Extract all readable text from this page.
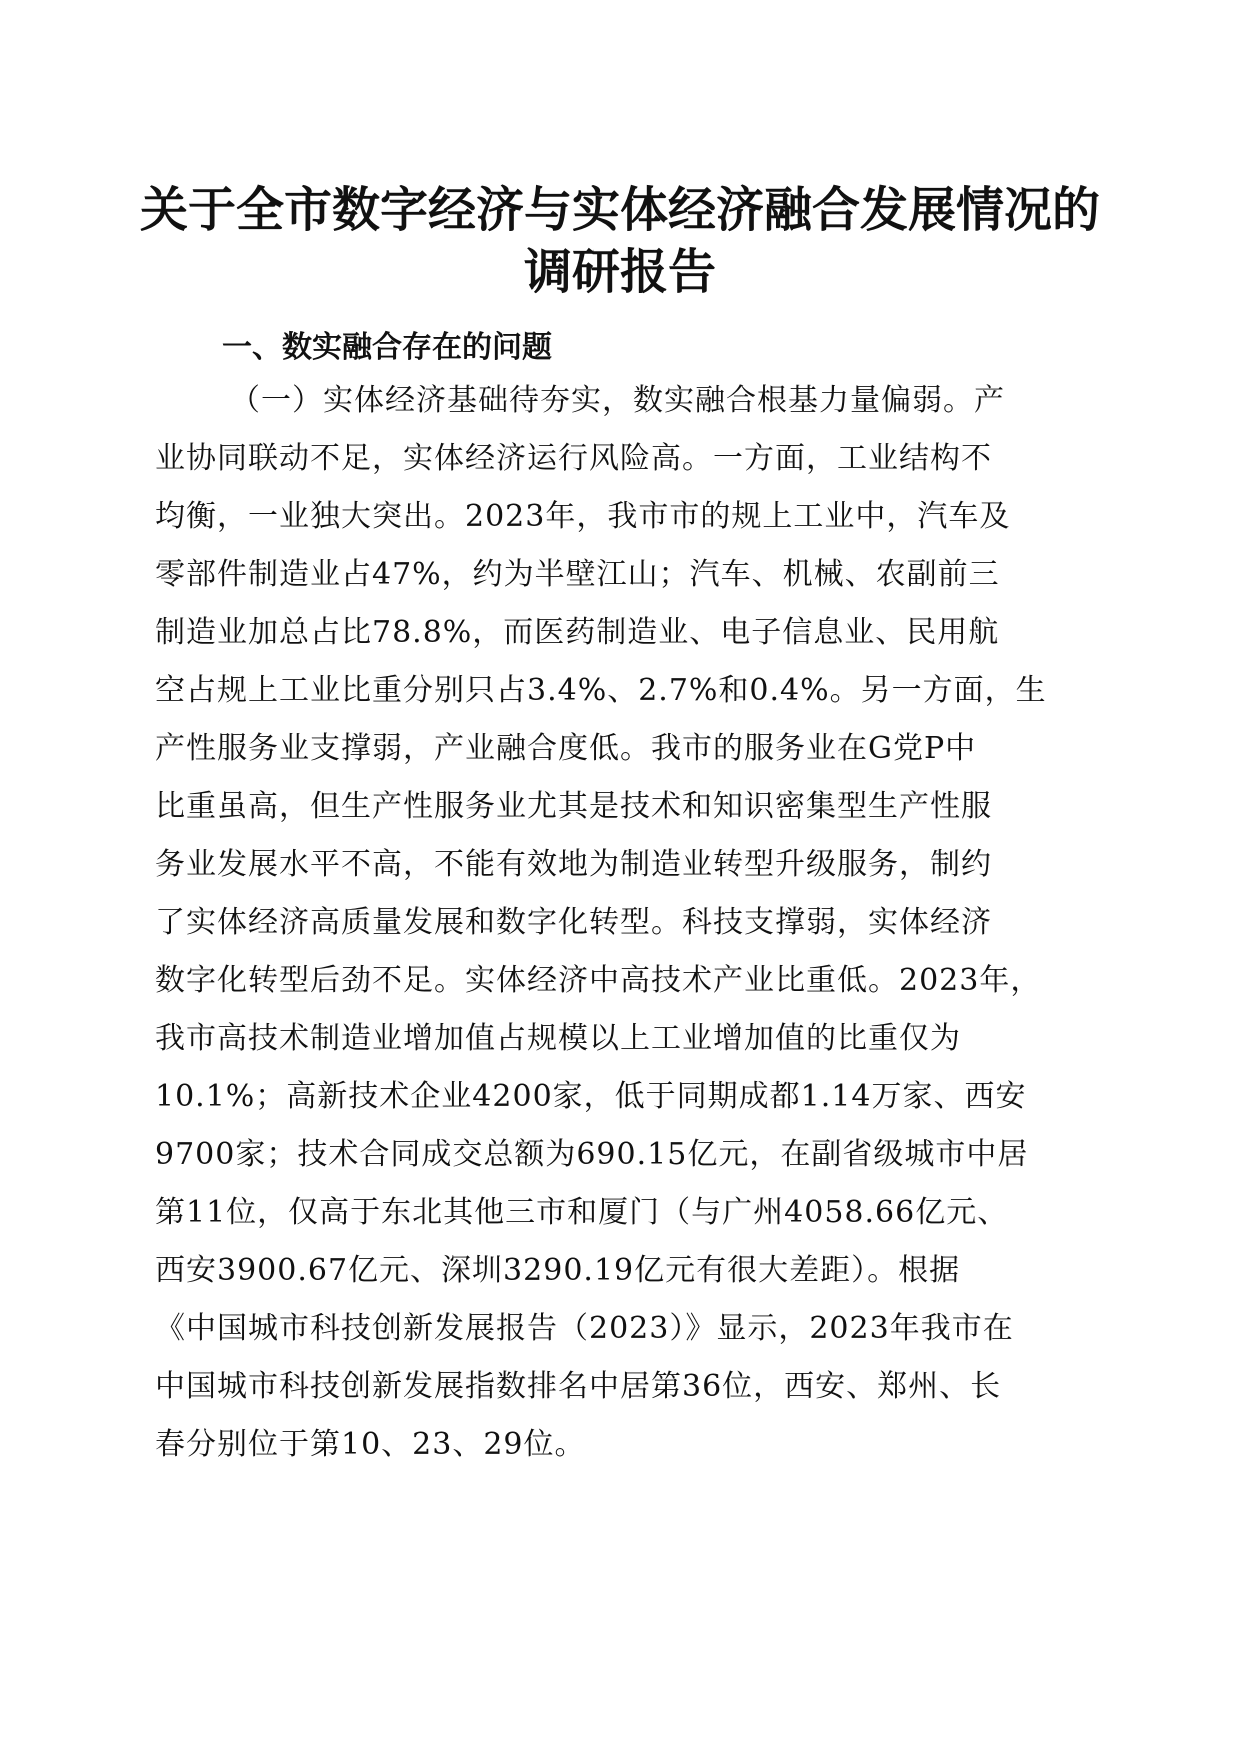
关于全市数字经济与实体经济融合发展情况的
调研报告
一、数实融合存在的问题

（一）实体经济基础待夯实，数实融合根基力量偏弱。产

业协同联动不足，实体经济运行风险高。一方面，工业结构不

均衡，一业独大突出。2023年，我市市的规上工业中，汽车及

零部件制造业占47%，约为半壁江山；汽车、机械、农副前三

制造业加总占比78.8%，而医药制造业、电子信息业、民用航

空占规上工业比重分别只占3.4%、2.7%和0.4%。另一方面，生

产性服务业支撑弱，产业融合度低。我市的服务业在G党P中

比重虽高，但生产性服务业尤其是技术和知识密集型生产性服

务业发展水平不高，不能有效地为制造业转型升级服务，制约

了实体经济高质量发展和数字化转型。科技支撑弱，实体经济

数字化转型后劲不足。实体经济中高技术产业比重低。2023年，

我市高技术制造业增加值占规模以上工业增加值的比重仅为

10.1%；高新技术企业4200家，低于同期成都1.14万家、西安

9700家；技术合同成交总额为690.15亿元，在副省级城市中居

第11位，仅高于东北其他三市和厦门（与广州4058.66亿元、

西安3900.67亿元、深圳3290.19亿元有很大差距）。根据

《中国城市科技创新发展报告（2023）》显示，2023年我市在

中国城市科技创新发展指数排名中居第36位，西安、郑州、长

春分别位于第10、23、29位。
